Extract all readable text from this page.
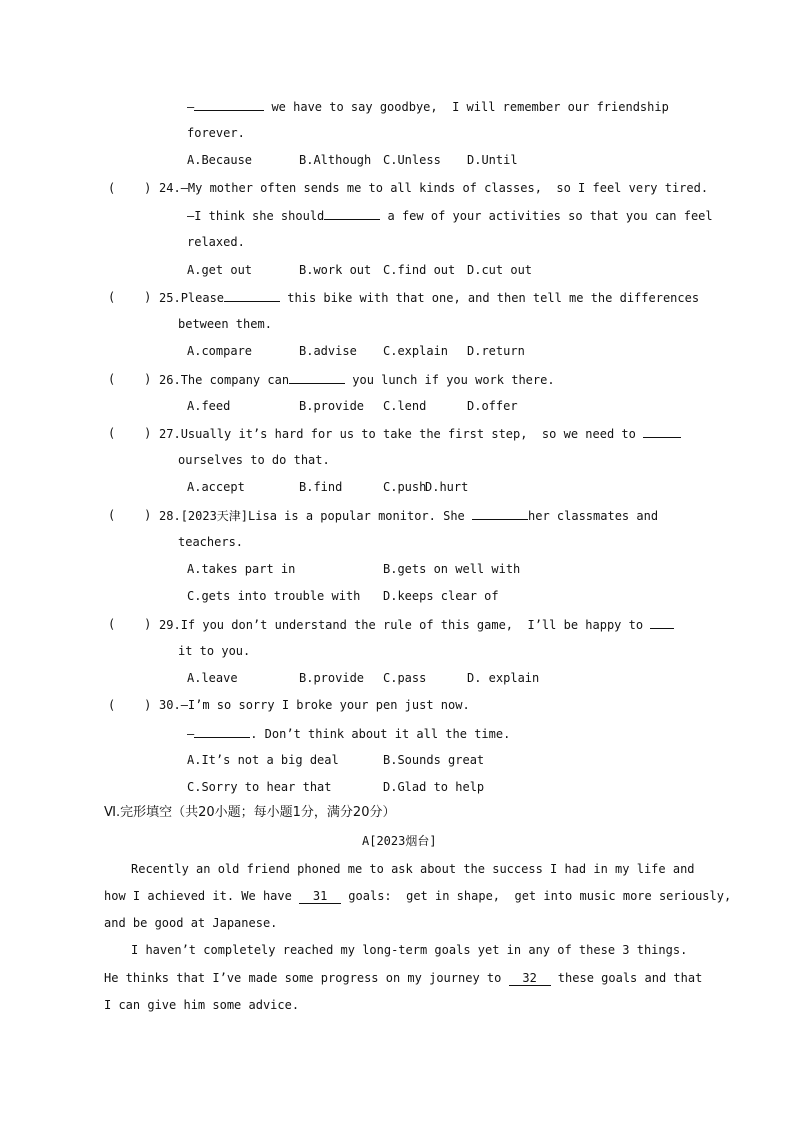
—	we have to say goodbye,  I will remember our friendship
forever.
A.Because	B.Although C.Unless D.Until
(    ) 24.—My mother often sends me to all kinds of classes,  so I feel very tired.
—I think she should	a few of your activities so that you can feel
relaxed.
A.get out	B.work out C.find out D.cut out
(    ) 25.Please	this bike with that one, and then tell me the differences
between them.
A.compare	B.advise C.explain D.return
(    ) 26.The company can	you lunch if you work there.
A.feed	B.provide C.lend	D.offer
(    ) 27.Usually it’s hard for us to take the first step,  so we need to
ourselves to do that.
A.accept	B.find	C.push
D.hurt
(    ) 28.[2023天津]Lisa is a popular monitor. She	her classmates and
teachers.
A.takes part in	B.gets on well with
C.gets into trouble with D.keeps clear of
(    ) 29.If you don’t understand the rule of this game,  I’ll be happy to
it to you.
A.leave	B.provide C.pass	D. explain
(    ) 30.—I’m so sorry I broke your pen just now.
—	. Don’t think about it all the time.
A.It’s not a big deal	B.Sounds great
C.Sorry to hear that	D.Glad to help
Ⅵ.完形填空（共20小题；每小题1分，满分20分）
A[2023烟台]
Recently an old friend phoned me to ask about the success I had in my life and
how I achieved it. We have 31 goals:  get in shape,  get into music more seriously,
and be good at Japanese.
I haven’t completely reached my long-term goals yet in any of these 3 things.
He thinks that I’ve made some progress on my journey to 32 these goals and that
I can give him some advice.
